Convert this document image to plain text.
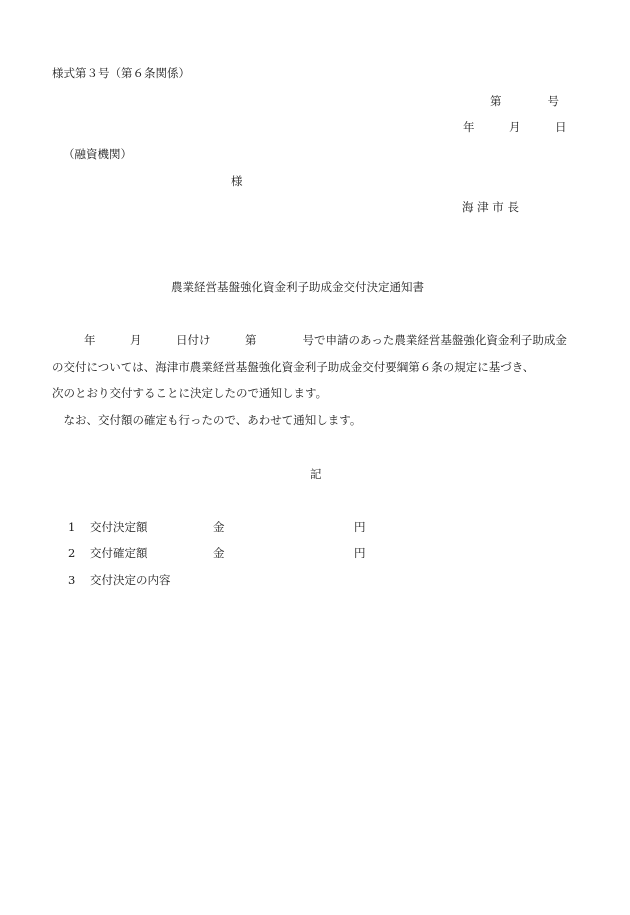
様式第３号（第６条関係）
第　　　　号
年　　　月　　　日
（融資機関）
様
海 津 市 長
農業経営基盤強化資金利子助成金交付決定通知書
年　　　月　　　日付け　　　第　　　　号で申請のあった農業経営基盤強化資金利子助成金
の交付については、海津市農業経営基盤強化資金利子助成金交付要綱第６条の規定に基づき、
次のとおり交付することに決定したので通知します。
　なお、交付額の確定も行ったので、あわせて通知します。
記
1 交付決定額	金	円
2 交付確定額	金	円
3 交付決定の内容
